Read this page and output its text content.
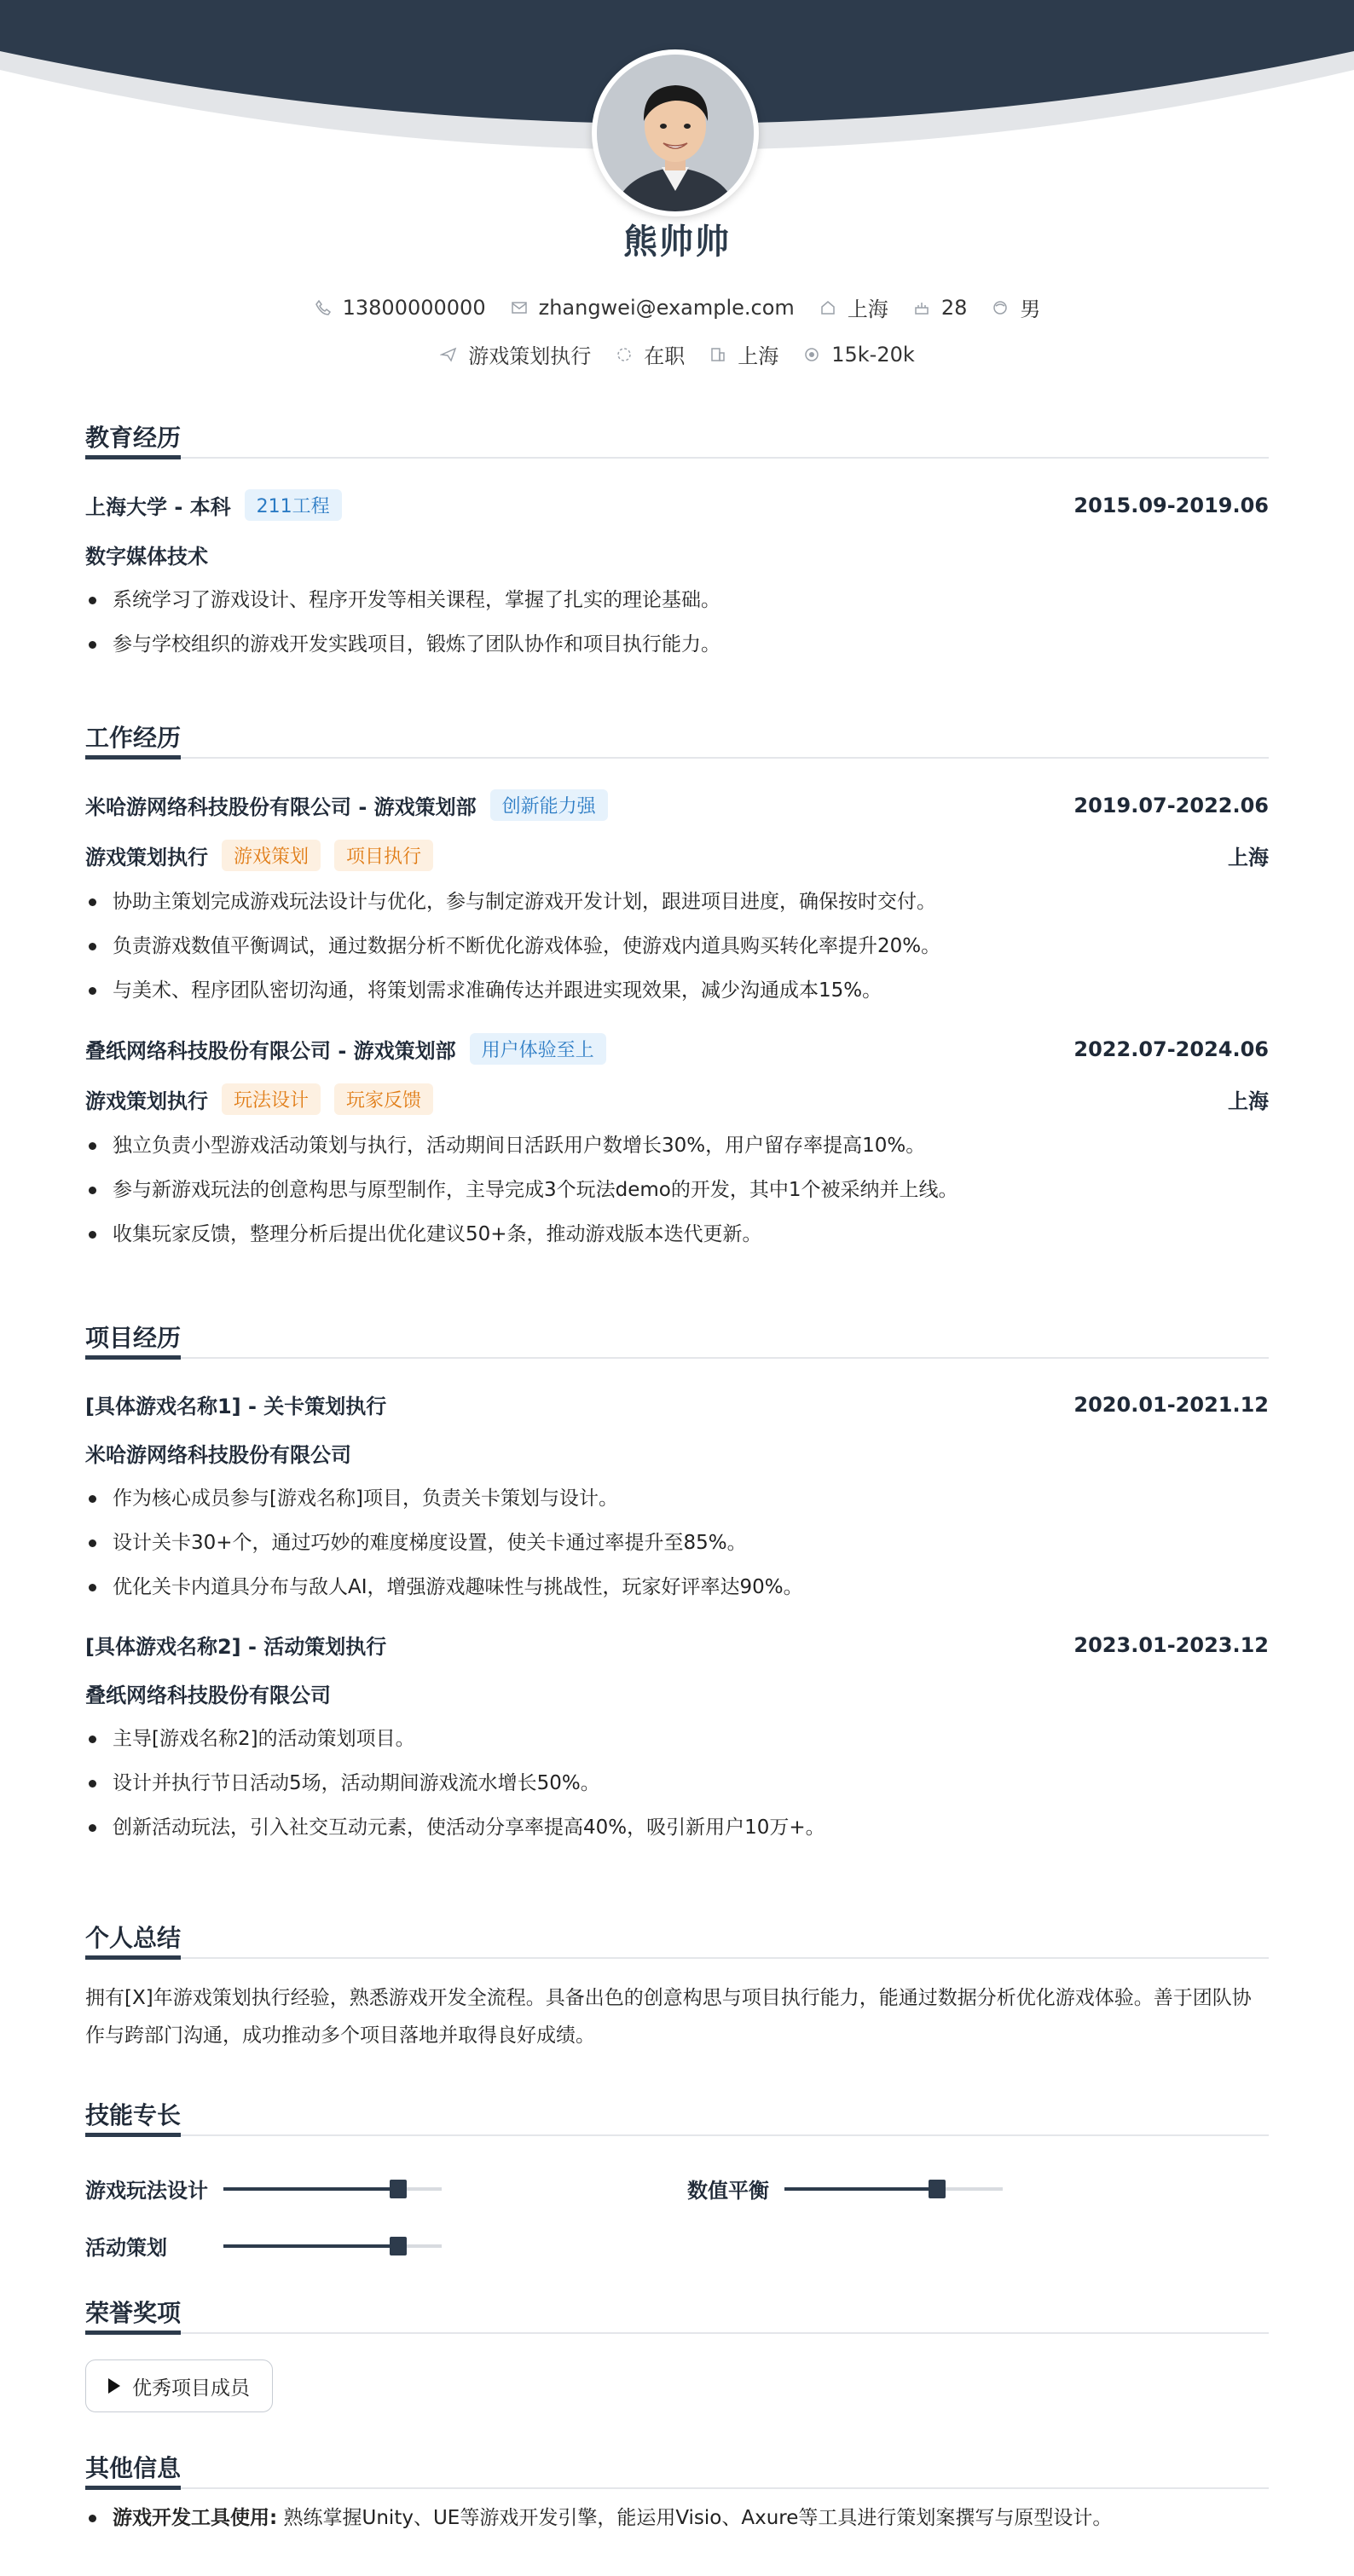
熊帅帅
13800000000	zhangwei@example.com	上海	28	男
游戏策划执行	在职	上海	15k-20k
教育经历
上海大学 - 本科	211工程	2015.09-2019.06
数字媒体技术
系统学习了游戏设计、程序开发等相关课程，掌握了扎实的理论基础。
参与学校组织的游戏开发实践项目，锻炼了团队协作和项目执行能力。
工作经历
米哈游网络科技股份有限公司 - 游戏策划部	创新能力强	2019.07-2022.06
游戏策划执行	游戏策划	项目执行	上海
协助主策划完成游戏玩法设计与优化，参与制定游戏开发计划，跟进项目进度，确保按时交付。
负责游戏数值平衡调试，通过数据分析不断优化游戏体验，使游戏内道具购买转化率提升20%。
与美术、程序团队密切沟通，将策划需求准确传达并跟进实现效果，减少沟通成本15%。
叠纸网络科技股份有限公司 - 游戏策划部	用户体验至上	2022.07-2024.06
游戏策划执行	玩法设计	玩家反馈	上海
独立负责小型游戏活动策划与执行，活动期间日活跃用户数增长30%，用户留存率提高10%。
参与新游戏玩法的创意构思与原型制作，主导完成3个玩法demo的开发，其中1个被采纳并上线。
收集玩家反馈，整理分析后提出优化建议50+条，推动游戏版本迭代更新。
项目经历
[具体游戏名称1] - 关卡策划执行	2020.01-2021.12
米哈游网络科技股份有限公司
作为核心成员参与[游戏名称]项目，负责关卡策划与设计。
设计关卡30+个，通过巧妙的难度梯度设置，使关卡通过率提升至85%。
优化关卡内道具分布与敌人AI，增强游戏趣味性与挑战性，玩家好评率达90%。
[具体游戏名称2] - 活动策划执行	2023.01-2023.12
叠纸网络科技股份有限公司
主导[游戏名称2]的活动策划项目。
设计并执行节日活动5场，活动期间游戏流水增长50%。
创新活动玩法，引入社交互动元素，使活动分享率提高40%，吸引新用户10万+。
个人总结
拥有[X]年游戏策划执行经验，熟悉游戏开发全流程。具备出色的创意构思与项目执行能力，能通过数据分析优化游戏体验。善于团队协作与跨部门沟通，成功推动多个项目落地并取得良好成绩。
技能专长
游戏玩法设计	数值平衡
活动策划
荣誉奖项
优秀项目成员
其他信息
游戏开发工具使用: 熟练掌握Unity、UE等游戏开发引擎，能运用Visio、Axure等工具进行策划案撰写与原型设计。
